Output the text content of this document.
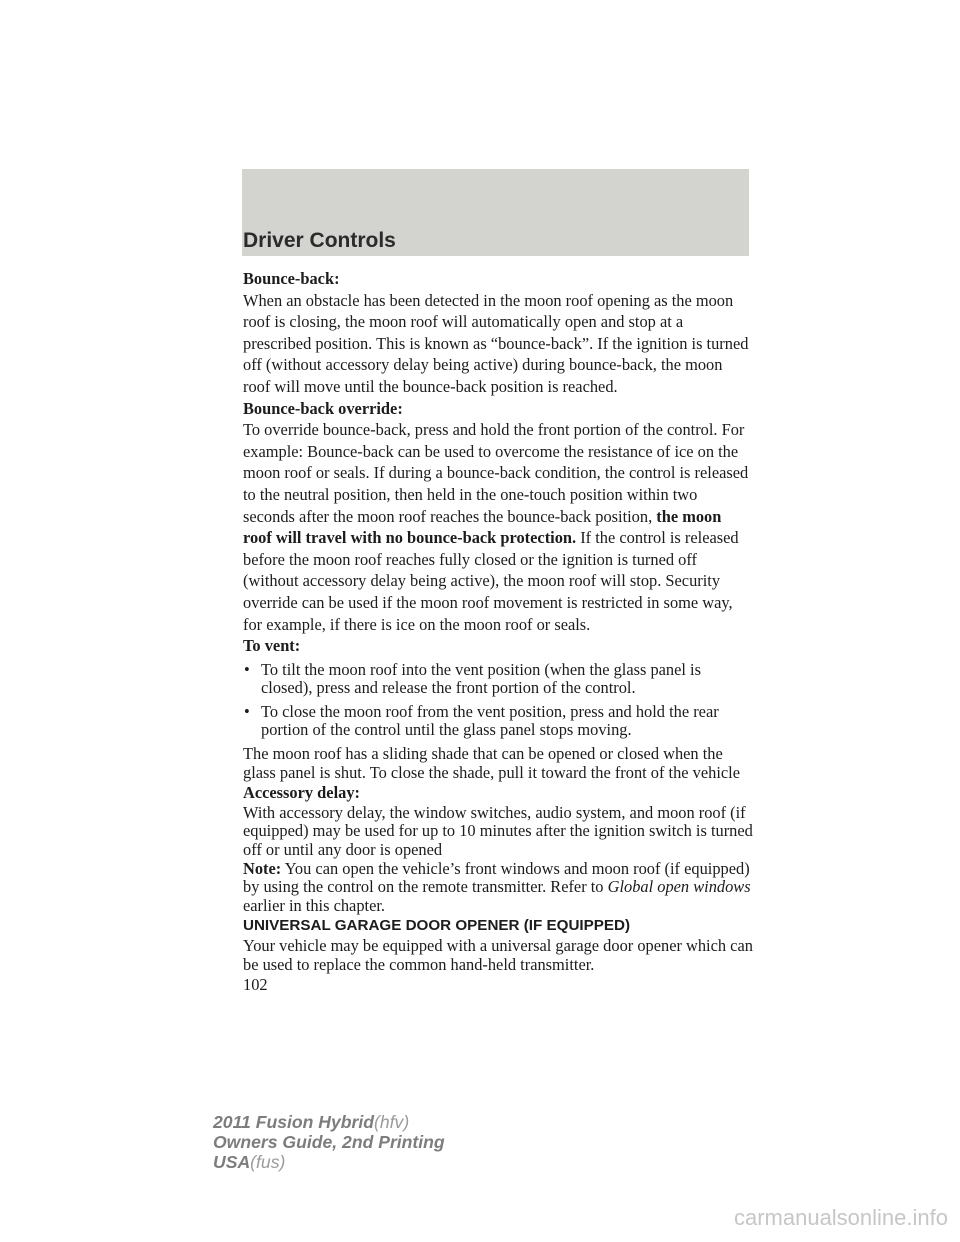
Driver Controls

Bounce-back:

When an obstacle has been detected in the moon roof opening as the moon roof is closing, the moon roof will automatically open and stop at a prescribed position. This is known as “bounce-back”. If the ignition is turned off (without accessory delay being active) during bounce-back, the moon roof will move until the bounce-back position is reached.

Bounce-back override:

To override bounce-back, press and hold the front portion of the control. For example: Bounce-back can be used to overcome the resistance of ice on the moon roof or seals. If during a bounce-back condition, the control is released to the neutral position, then held in the one-touch position within two seconds after the moon roof reaches the bounce-back position, the moon roof will travel with no bounce-back protection. If the control is released before the moon roof reaches fully closed or the ignition is turned off (without accessory delay being active), the moon roof will stop. Security override can be used if the moon roof movement is restricted in some way, for example, if there is ice on the moon roof or seals.

To vent:

• To tilt the moon roof into the vent position (when the glass panel is closed), press and release the front portion of the control.
• To close the moon roof from the vent position, press and hold the rear portion of the control until the glass panel stops moving.

The moon roof has a sliding shade that can be opened or closed when the glass panel is shut. To close the shade, pull it toward the front of the vehicle

Accessory delay:

With accessory delay, the window switches, audio system, and moon roof (if equipped) may be used for up to 10 minutes after the ignition switch is turned off or until any door is opened

Note: You can open the vehicle’s front windows and moon roof (if equipped) by using the control on the remote transmitter. Refer to Global open windows earlier in this chapter.

UNIVERSAL GARAGE DOOR OPENER (IF EQUIPPED)

Your vehicle may be equipped with a universal garage door opener which can be used to replace the common hand-held transmitter.

102

2011 Fusion Hybrid(hfv)
Owners Guide, 2nd Printing
USA(fus)
carmanualsonline.info
